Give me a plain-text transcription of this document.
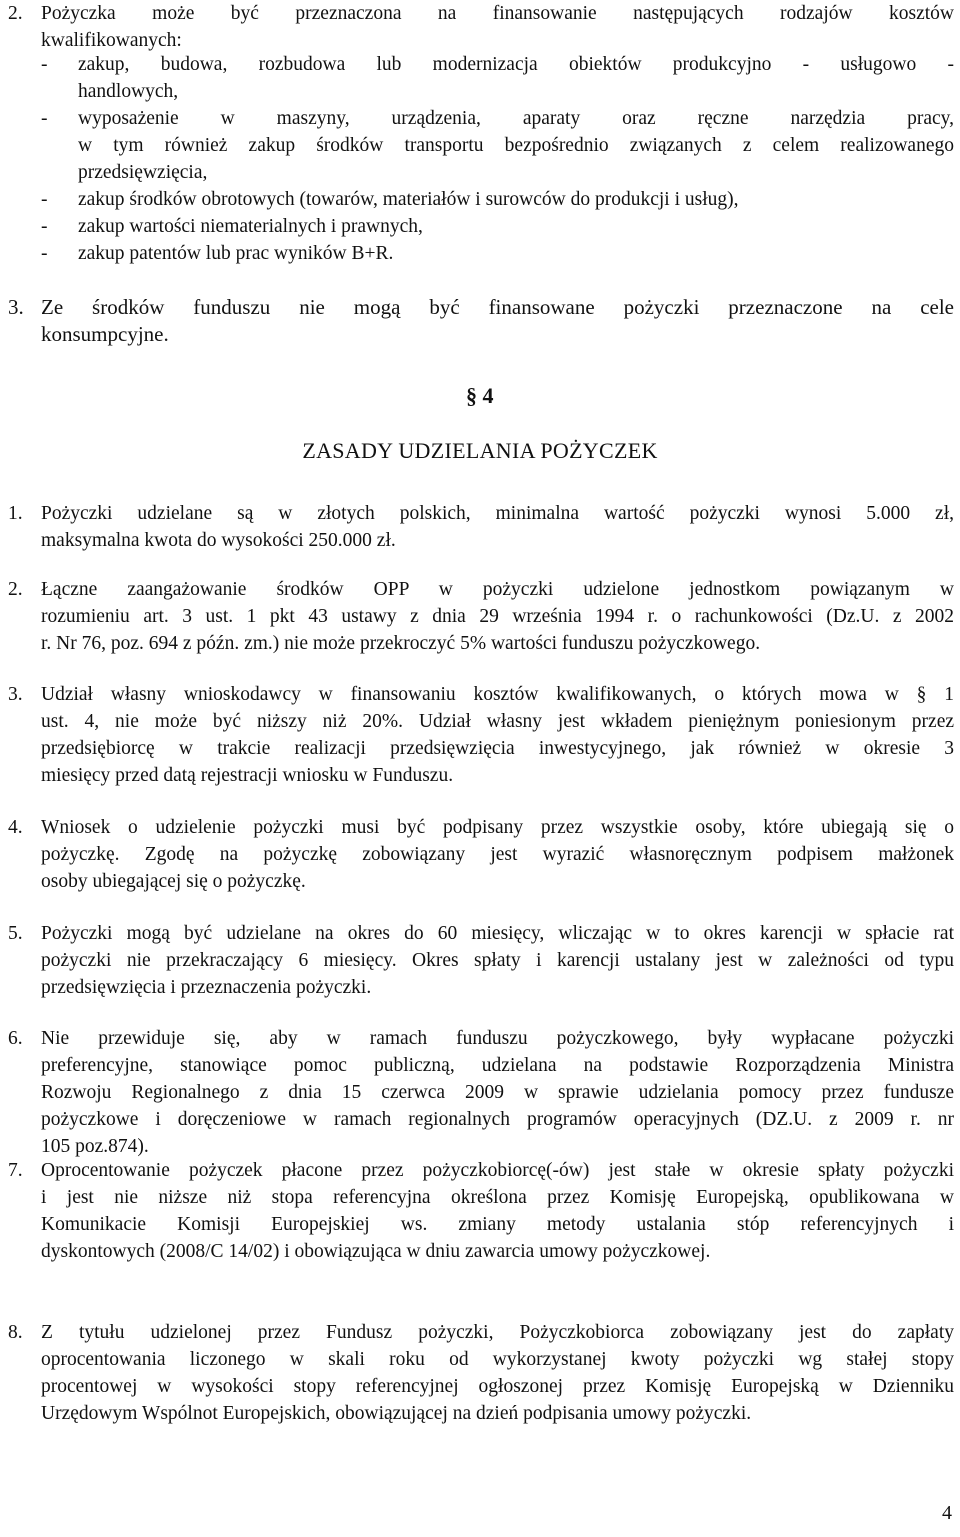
2. Pożyczka może być przeznaczona na finansowanie następujących rodzajów kosztów
kwalifikowanych:
- zakup, budowa, rozbudowa lub modernizacja obiektów produkcyjno - usługowo -
handlowych,
- wyposażenie w maszyny, urządzenia, aparaty oraz ręczne narzędzia pracy,
w tym również zakup środków transportu bezpośrednio związanych z celem realizowanego
przedsięwzięcia,
- zakup środków obrotowych (towarów, materiałów i surowców do produkcji i usług),
- zakup wartości niematerialnych i prawnych,
- zakup patentów lub prac wyników B+R.
3. Ze środków funduszu nie mogą być finansowane pożyczki przeznaczone na cele
konsumpcyjne.
§ 4
ZASADY UDZIELANIA POŻYCZEK
1. Pożyczki udzielane są w złotych polskich, minimalna wartość pożyczki wynosi 5.000 zł,
maksymalna kwota do wysokości 250.000 zł.
2. Łączne zaangażowanie środków OPP w pożyczki udzielone jednostkom powiązanym w
rozumieniu art. 3 ust. 1 pkt 43 ustawy z dnia 29 września 1994 r. o rachunkowości (Dz.U. z 2002
r. Nr 76, poz. 694 z późn. zm.) nie może przekroczyć 5% wartości funduszu pożyczkowego.
3. Udział własny wnioskodawcy w finansowaniu kosztów kwalifikowanych, o których mowa w § 1
ust. 4, nie może być niższy niż 20%. Udział własny jest wkładem pieniężnym poniesionym przez
przedsiębiorcę w trakcie realizacji przedsięwzięcia inwestycyjnego, jak również w okresie 3
miesięcy przed datą rejestracji wniosku w Funduszu.
4. Wniosek o udzielenie pożyczki musi być podpisany przez wszystkie osoby, które ubiegają się o
pożyczkę. Zgodę na pożyczkę zobowiązany jest wyrazić własnoręcznym podpisem małżonek
osoby ubiegającej się o pożyczkę.
5. Pożyczki mogą być udzielane na okres do 60 miesięcy, wliczając w to okres karencji w spłacie rat
pożyczki nie przekraczający 6 miesięcy. Okres spłaty i karencji ustalany jest w zależności od typu
przedsięwzięcia i przeznaczenia pożyczki.
6. Nie przewiduje się, aby w ramach funduszu pożyczkowego, były wypłacane pożyczki
preferencyjne, stanowiące pomoc publiczną, udzielana na podstawie Rozporządzenia Ministra
Rozwoju Regionalnego z dnia 15 czerwca 2009 w sprawie udzielania pomocy przez fundusze
pożyczkowe i doręczeniowe w ramach regionalnych programów operacyjnych (DZ.U. z 2009 r. nr
105 poz.874).
7. Oprocentowanie pożyczek płacone przez pożyczkobiorcę(-ów) jest stałe w okresie spłaty pożyczki
i jest nie niższe niż stopa referencyjna określona przez Komisję Europejską, opublikowana w
Komunikacie Komisji Europejskiej ws. zmiany metody ustalania stóp referencyjnych i
dyskontowych (2008/C 14/02) i obowiązująca w dniu zawarcia umowy pożyczkowej.
8. Z tytułu udzielonej przez Fundusz pożyczki, Pożyczkobiorca zobowiązany jest do zapłaty
oprocentowania liczonego w skali roku od wykorzystanej kwoty pożyczki wg stałej stopy
procentowej w wysokości stopy referencyjnej ogłoszonej przez Komisję Europejską w Dzienniku
Urzędowym Wspólnot Europejskich, obowiązującej na dzień podpisania umowy pożyczki.
4
